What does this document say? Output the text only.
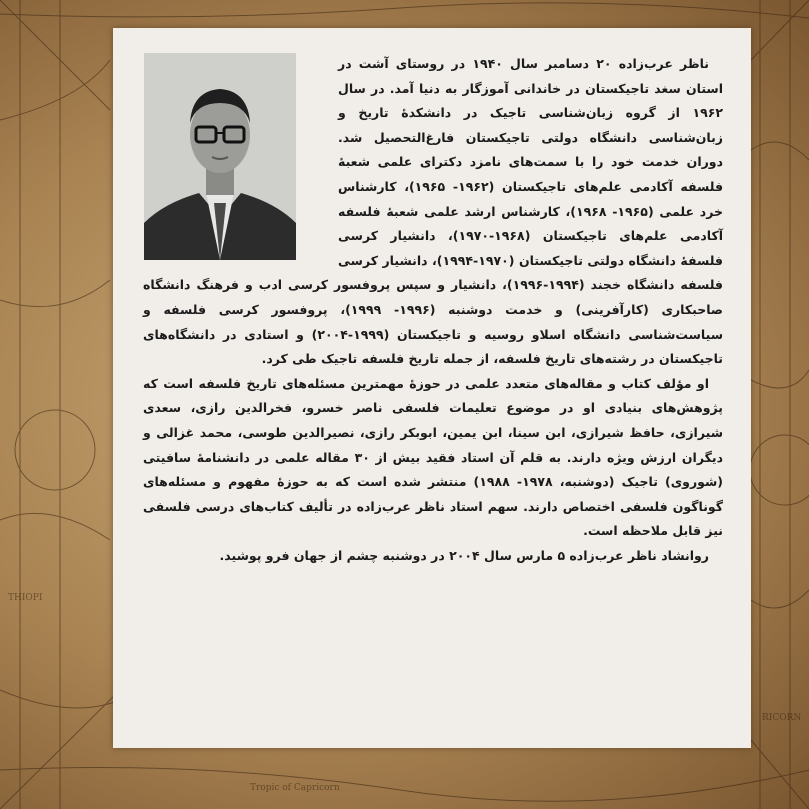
THIOPI
RICORN
Tropic of Capricorn

ناظر عرب‌زاده ۲۰ دسامبر سال ۱۹۴۰ در روستای آشت در استان سغد تاجیکستان در خاندانی آموزگار به دنیا آمد. در سال ۱۹۶۲ از گروه زبان‌شناسی تاجیک در دانشکدهٔ تاریخ و زبان‌شناسی دانشگاه دولتی تاجیکستان فارغ‌التحصیل شد. دوران خدمت خود را با سمت‌های نامزد دکترای علمی شعبهٔ فلسفه آکادمی علم‌های تاجیکستان (۱۹۶۲- ۱۹۶۵)، کارشناس خرد علمی (۱۹۶۵- ۱۹۶۸)، کارشناس ارشد علمی شعبهٔ فلسفه آکادمی علم‌های تاجیکستان (۱۹۶۸-۱۹۷۰)، دانشیار کرسی فلسفهٔ دانشگاه دولتی تاجیکستان (۱۹۷۰-۱۹۹۴)، دانشیار کرسی فلسفه دانشگاه خجند (۱۹۹۴-۱۹۹۶)، دانشیار و سپس پروفسور کرسی ادب و فرهنگ دانشگاه صاحبکاری (کارآفرینی) و خدمت دوشنبه (۱۹۹۶- ۱۹۹۹)، پروفسور کرسی فلسفه و سیاست‌شناسی دانشگاه اسلاو روسیه و تاجیکستان (۱۹۹۹-۲۰۰۴) و استادی در دانشگاه‌های تاجیکستان در رشته‌های تاریخ فلسفه، از جمله تاریخ فلسفه تاجیک طی کرد.

او مؤلف کتاب و مقاله‌های متعدد علمی در حوزهٔ مهمترین مسئله‌های تاریخ فلسفه است که پژوهش‌های بنیادی او در موضوع تعلیمات فلسفی ناصر خسرو، فخرالدین رازی، سعدی شیرازی، حافظ شیرازی، ابن سینا، ابن یمین، ابوبکر رازی، نصیرالدین طوسی، محمد غزالی و دیگران ارزش ویژه دارند. به قلم آن استاد فقید بیش از ۳۰ مقاله علمی در دانشنامهٔ سافیتی (شوروی) تاجیک (دوشنبه، ۱۹۷۸- ۱۹۸۸) منتشر شده است که به حوزهٔ مفهوم و مسئله‌های گوناگون فلسفی اختصاص دارند. سهم استاد ناظر عرب‌زاده در تألیف کتاب‌های درسی فلسفی نیز قابل ملاحظه است.

روانشاد ناظر عرب‌زاده ۵ مارس سال ۲۰۰۴ در دوشنبه چشم از جهان فرو پوشید.
